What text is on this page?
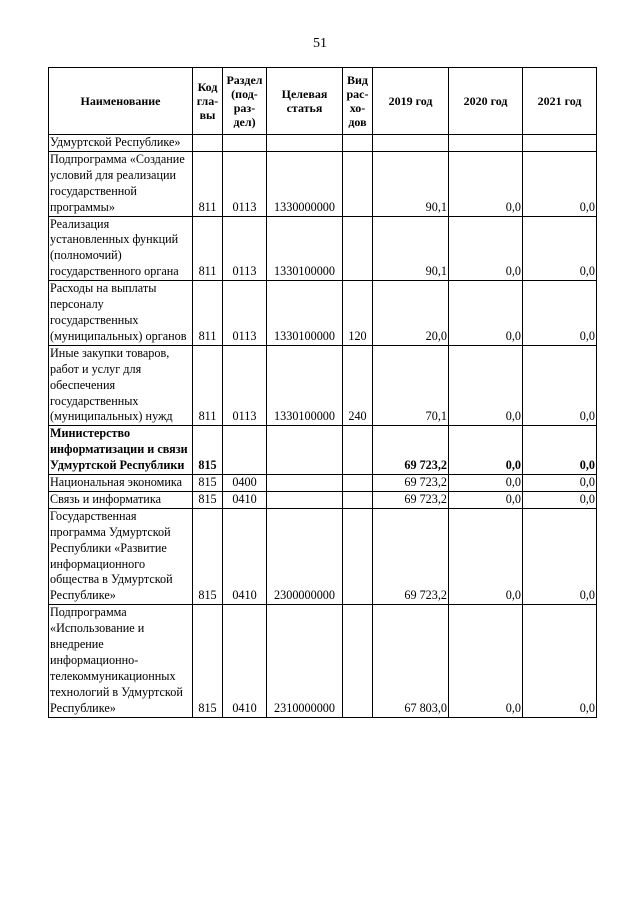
51
Наименование	Код гла-вы	Раздел (под-раз-дел)	Целевая статья	Вид рас-хо-дов	2019 год	2020 год	2021 год
Удмуртской Республике»							
Подпрограмма «Создание условий для реализации государственной программы»	811	0113	1330000000		90,1	0,0	0,0
Реализация установленных функций (полномочий) государственного органа	811	0113	1330100000		90,1	0,0	0,0
Расходы на выплаты персоналу государственных (муниципальных) органов	811	0113	1330100000	120	20,0	0,0	0,0
Иные закупки товаров, работ и услуг для обеспечения государственных (муниципальных) нужд	811	0113	1330100000	240	70,1	0,0	0,0
Министерство информатизации и связи Удмуртской Республики	815				69 723,2	0,0	0,0
Национальная экономика	815	0400			69 723,2	0,0	0,0
Связь и информатика	815	0410			69 723,2	0,0	0,0
Государственная программа Удмуртской Республики «Развитие информационного общества в Удмуртской Республике»	815	0410	2300000000		69 723,2	0,0	0,0
Подпрограмма «Использование и внедрение информационно-телекоммуникационных технологий в Удмуртской Республике»	815	0410	2310000000		67 803,0	0,0	0,0
